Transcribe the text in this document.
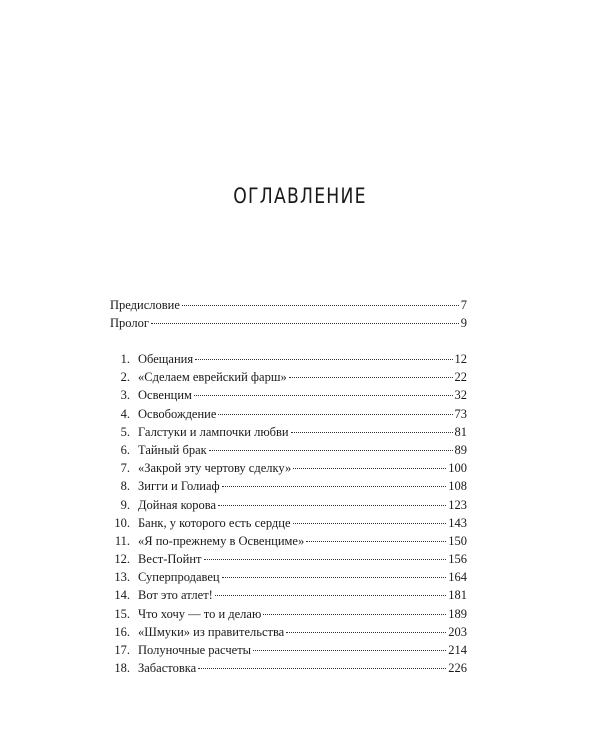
ОГЛАВЛЕНИЕ
Предисловие	7
Пролог	9
1. Обещания	12
2. «Сделаем еврейский фарш»	22
3. Освенцим	32
4. Освобождение	73
5. Галстуки и лампочки любви	81
6. Тайный брак	89
7. «Закрой эту чертову сделку»	100
8. Зигги и Голиаф	108
9. Дойная корова	123
10. Банк, у которого есть сердце	143
11. «Я по-прежнему в Освенциме»	150
12. Вест-Пойнт	156
13. Суперпродавец	164
14. Вот это атлет!	181
15. Что хочу — то и делаю	189
16. «Шмуки» из правительства	203
17. Полуночные расчеты	214
18. Забастовка	226
